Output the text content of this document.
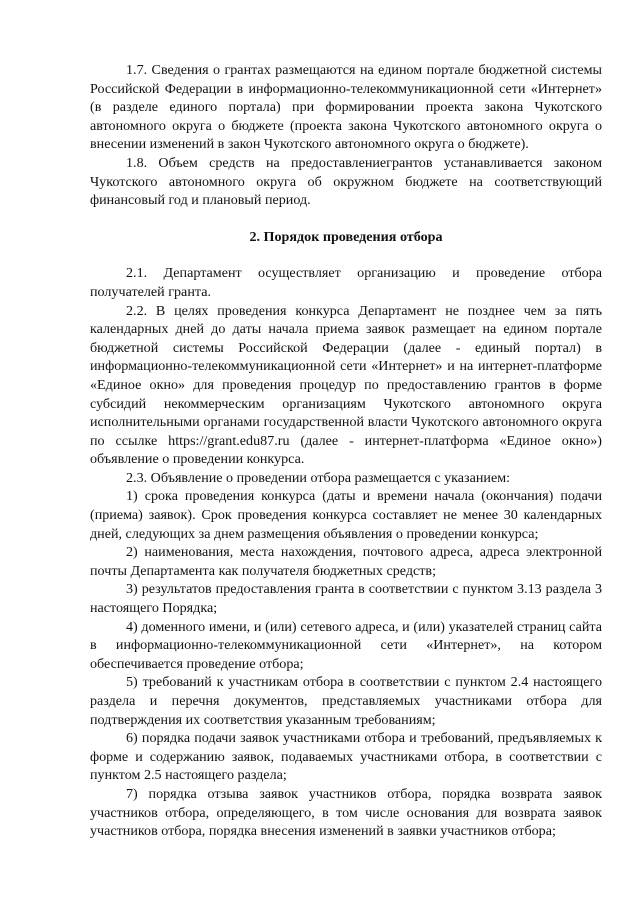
1.7. Сведения о грантах размещаются на едином портале бюджетной системы Российской Федерации в информационно-телекоммуникационной сети «Интернет» (в разделе единого портала) при формировании проекта закона Чукотского автономного округа о бюджете (проекта закона Чукотского автономного округа о внесении изменений в закон Чукотского автономного округа о бюджете).

1.8. Объем средств на предоставлениегрантов устанавливается законом Чукотского автономного округа об окружном бюджете на соответствующий финансовый год и плановый период.

2. Порядок проведения отбора

2.1. Департамент осуществляет организацию и проведение отбора получателей гранта.

2.2. В целях проведения конкурса Департамент не позднее чем за пять календарных дней до даты начала приема заявок размещает на едином портале бюджетной системы Российской Федерации (далее - единый портал) в информационно-телекоммуникационной сети «Интернет» и на интернет-платформе «Единое окно» для проведения процедур по предоставлению грантов в форме субсидий некоммерческим организациям Чукотского автономного округа исполнительными органами государственной власти Чукотского автономного округа по ссылке https://grant.edu87.ru (далее - интернет-платформа «Единое окно») объявление о проведении конкурса.

2.3. Объявление о проведении отбора размещается с указанием:

1) срока проведения конкурса (даты и времени начала (окончания) подачи (приема) заявок). Срок проведения конкурса составляет не менее 30 календарных дней, следующих за днем размещения объявления о проведении конкурса;

2) наименования, места нахождения, почтового адреса, адреса электронной почты Департамента как получателя бюджетных средств;

3) результатов предоставления гранта в соответствии с пунктом 3.13 раздела 3 настоящего Порядка;

4) доменного имени, и (или) сетевого адреса, и (или) указателей страниц сайта в информационно-телекоммуникационной сети «Интернет», на котором обеспечивается проведение отбора;

5) требований к участникам отбора в соответствии с пунктом 2.4 настоящего раздела и перечня документов, представляемых участниками отбора для подтверждения их соответствия указанным требованиям;

6) порядка подачи заявок участниками отбора и требований, предъявляемых к форме и содержанию заявок, подаваемых участниками отбора, в соответствии с пунктом 2.5 настоящего раздела;

7) порядка отзыва заявок участников отбора, порядка возврата заявок участников отбора, определяющего, в том числе основания для возврата заявок участников отбора, порядка внесения изменений в заявки участников отбора;
